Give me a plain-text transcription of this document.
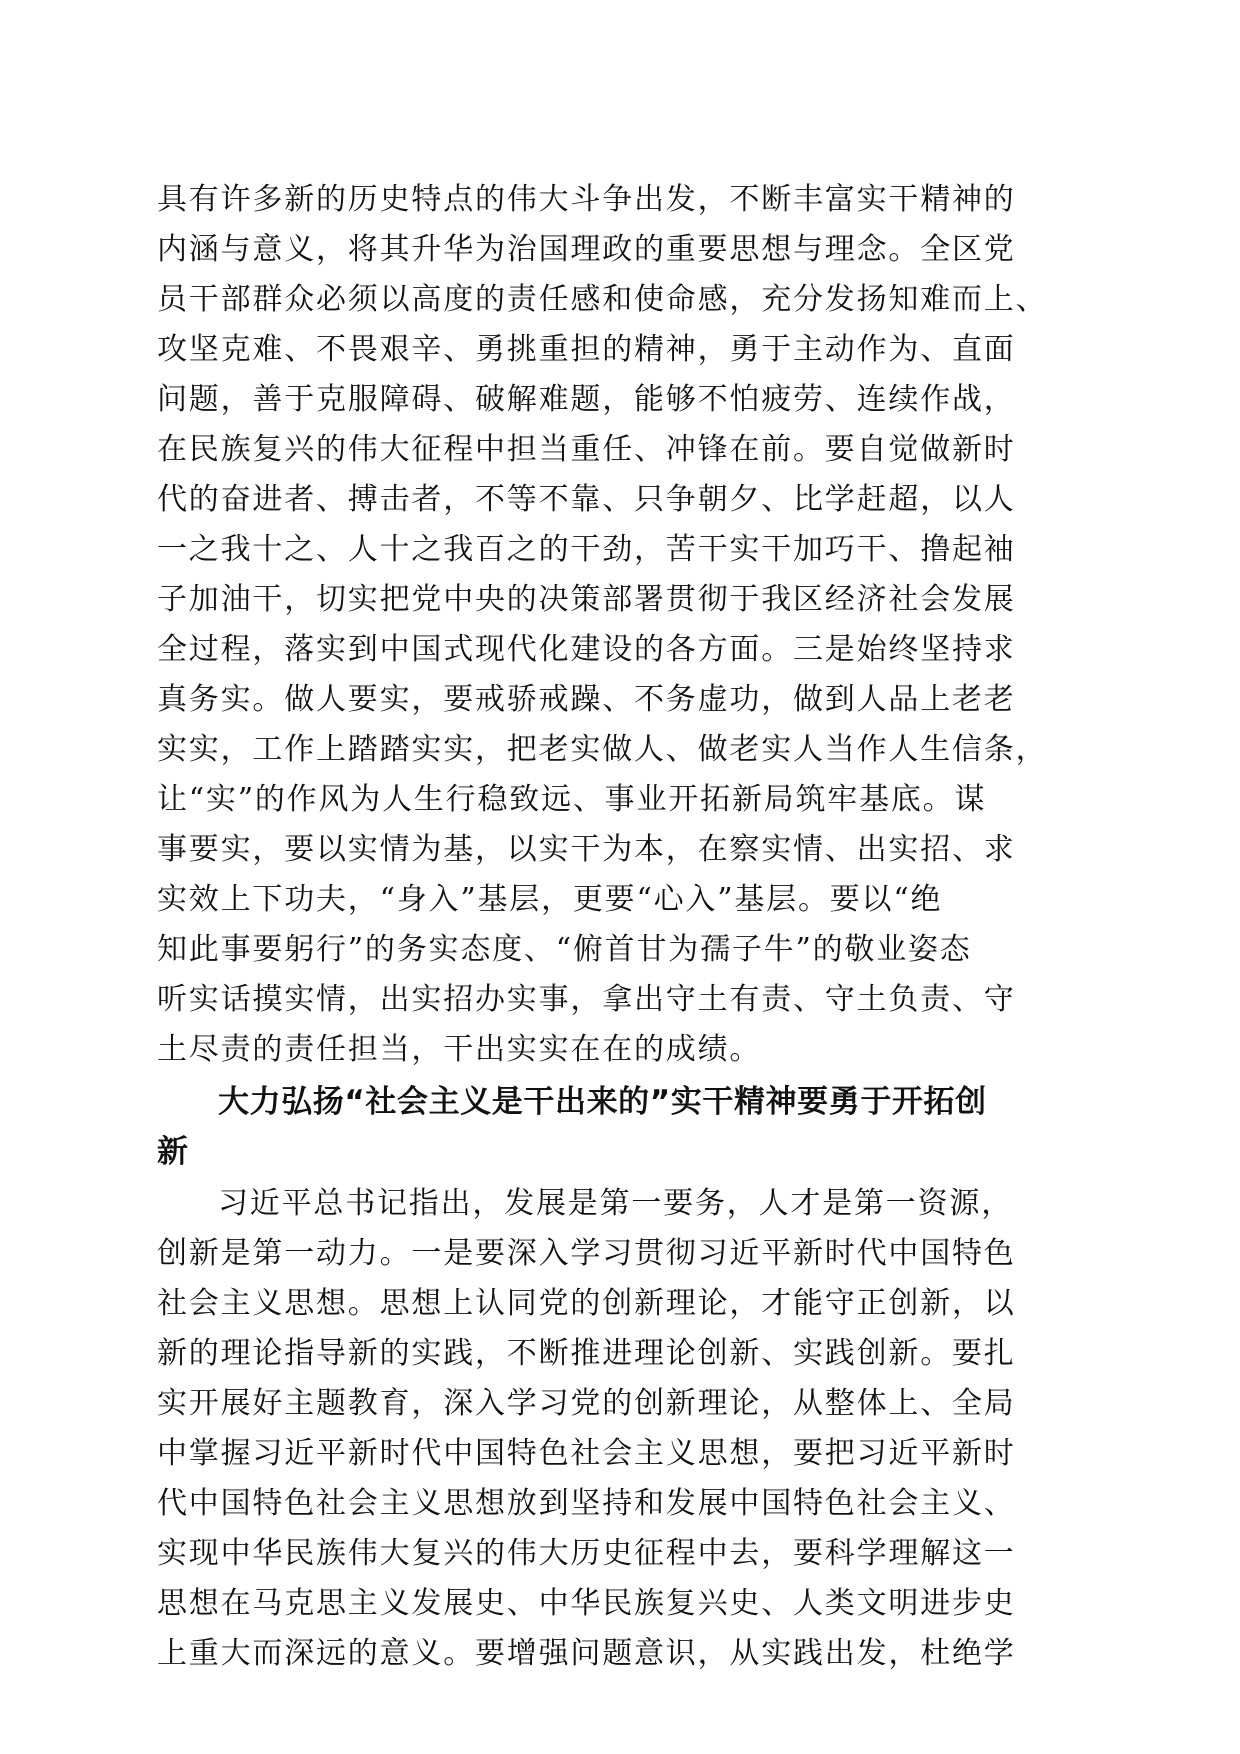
具有许多新的历史特点的伟大斗争出发，不断丰富实干精神的
内涵与意义，将其升华为治国理政的重要思想与理念。全区党
员干部群众必须以高度的责任感和使命感，充分发扬知难而上、
攻坚克难、不畏艰辛、勇挑重担的精神，勇于主动作为、直面
问题，善于克服障碍、破解难题，能够不怕疲劳、连续作战，
在民族复兴的伟大征程中担当重任、冲锋在前。要自觉做新时
代的奋进者、搏击者，不等不靠、只争朝夕、比学赶超，以人
一之我十之、人十之我百之的干劲，苦干实干加巧干、撸起袖
子加油干，切实把党中央的决策部署贯彻于我区经济社会发展
全过程，落实到中国式现代化建设的各方面。三是始终坚持求
真务实。做人要实，要戒骄戒躁、不务虚功，做到人品上老老
实实，工作上踏踏实实，把老实做人、做老实人当作人生信条，
让“实”的作风为人生行稳致远、事业开拓新局筑牢基底。谋
事要实，要以实情为基，以实干为本，在察实情、出实招、求
实效上下功夫，“身入”基层，更要“心入”基层。要以“绝
知此事要躬行”的务实态度、“俯首甘为孺子牛”的敬业姿态
听实话摸实情，出实招办实事，拿出守土有责、守土负责、守
土尽责的责任担当，干出实实在在的成绩。
大力弘扬“社会主义是干出来的”实干精神要勇于开拓创
新
习近平总书记指出，发展是第一要务，人才是第一资源，
创新是第一动力。一是要深入学习贯彻习近平新时代中国特色
社会主义思想。思想上认同党的创新理论，才能守正创新，以
新的理论指导新的实践，不断推进理论创新、实践创新。要扎
实开展好主题教育，深入学习党的创新理论，从整体上、全局
中掌握习近平新时代中国特色社会主义思想，要把习近平新时
代中国特色社会主义思想放到坚持和发展中国特色社会主义、
实现中华民族伟大复兴的伟大历史征程中去，要科学理解这一
思想在马克思主义发展史、中华民族复兴史、人类文明进步史
上重大而深远的意义。要增强问题意识，从实践出发，杜绝学
